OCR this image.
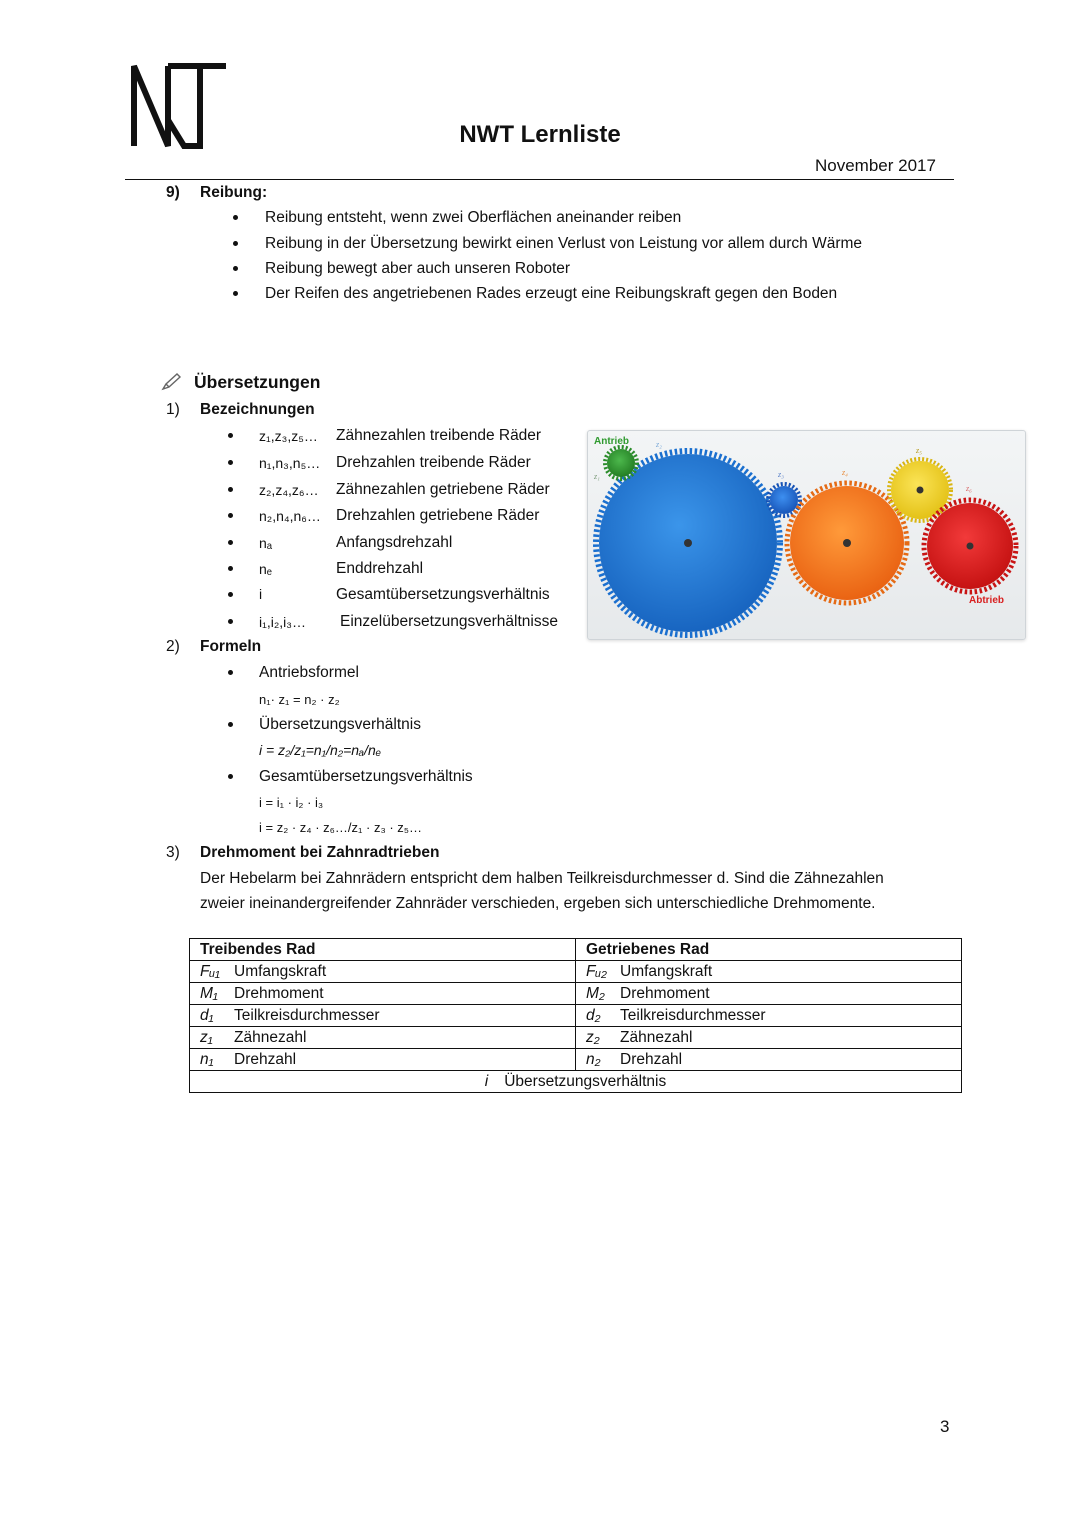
NWT Lernliste
November 2017
9) Reibung:
Reibung entsteht, wenn zwei Oberflächen aneinander reiben
Reibung in der Übersetzung bewirkt einen Verlust von Leistung vor allem durch Wärme
Reibung bewegt aber auch unseren Roboter
Der Reifen des angetriebenen Rades erzeugt eine Reibungskraft gegen den Boden
Übersetzungen
1) Bezeichnungen
z₁,z₃,z₅… Zähnezahlen treibende Räder
n₁,n₃,n₅… Drehzahlen treibende Räder
z₂,z₄,z₆… Zähnezahlen getriebene Räder
n₂,n₄,n₆… Drehzahlen getriebene Räder
nₐ	Anfangsdrehzahl
nₑ	Enddrehzahl
i	Gesamtübersetzungsverhältnis
i₁,i₂,i₃… Einzelübersetzungsverhältnisse
Antrieb
Abtrieb
z₁
z₂
z₃	z₄
z₅
z₆
2) Formeln
Antriebsformel
n₁· z₁ = n₂ · z₂
Übersetzungsverhältnis
i = z₂/z₁=n₁/n₂=nₐ/nₑ
Gesamtübersetzungsverhältnis
i = i₁ · i₂ · i₃
i = z₂ · z₄ · z₆…/z₁ · z₃ · z₅…
3) Drehmoment bei Zahnradtrieben
Der Hebelarm bei Zahnrädern entspricht dem halben Teilkreisdurchmesser d. Sind die Zähnezahlen
zweier ineinandergreifender Zahnräder verschieden, ergeben sich unterschiedliche Drehmomente.
Treibendes Rad	Getriebenes Rad
Fᵤ₁ Umfangskraft	Fᵤ₂ Umfangskraft
M₁ Drehmoment	M₂ Drehmoment
d₁ Teilkreisdurchmesser	d₂ Teilkreisdurchmesser
z₁ Zähnezahl	z₂ Zähnezahl
n₁ Drehzahl	n₂ Drehzahl
i Übersetzungsverhältnis	
3
